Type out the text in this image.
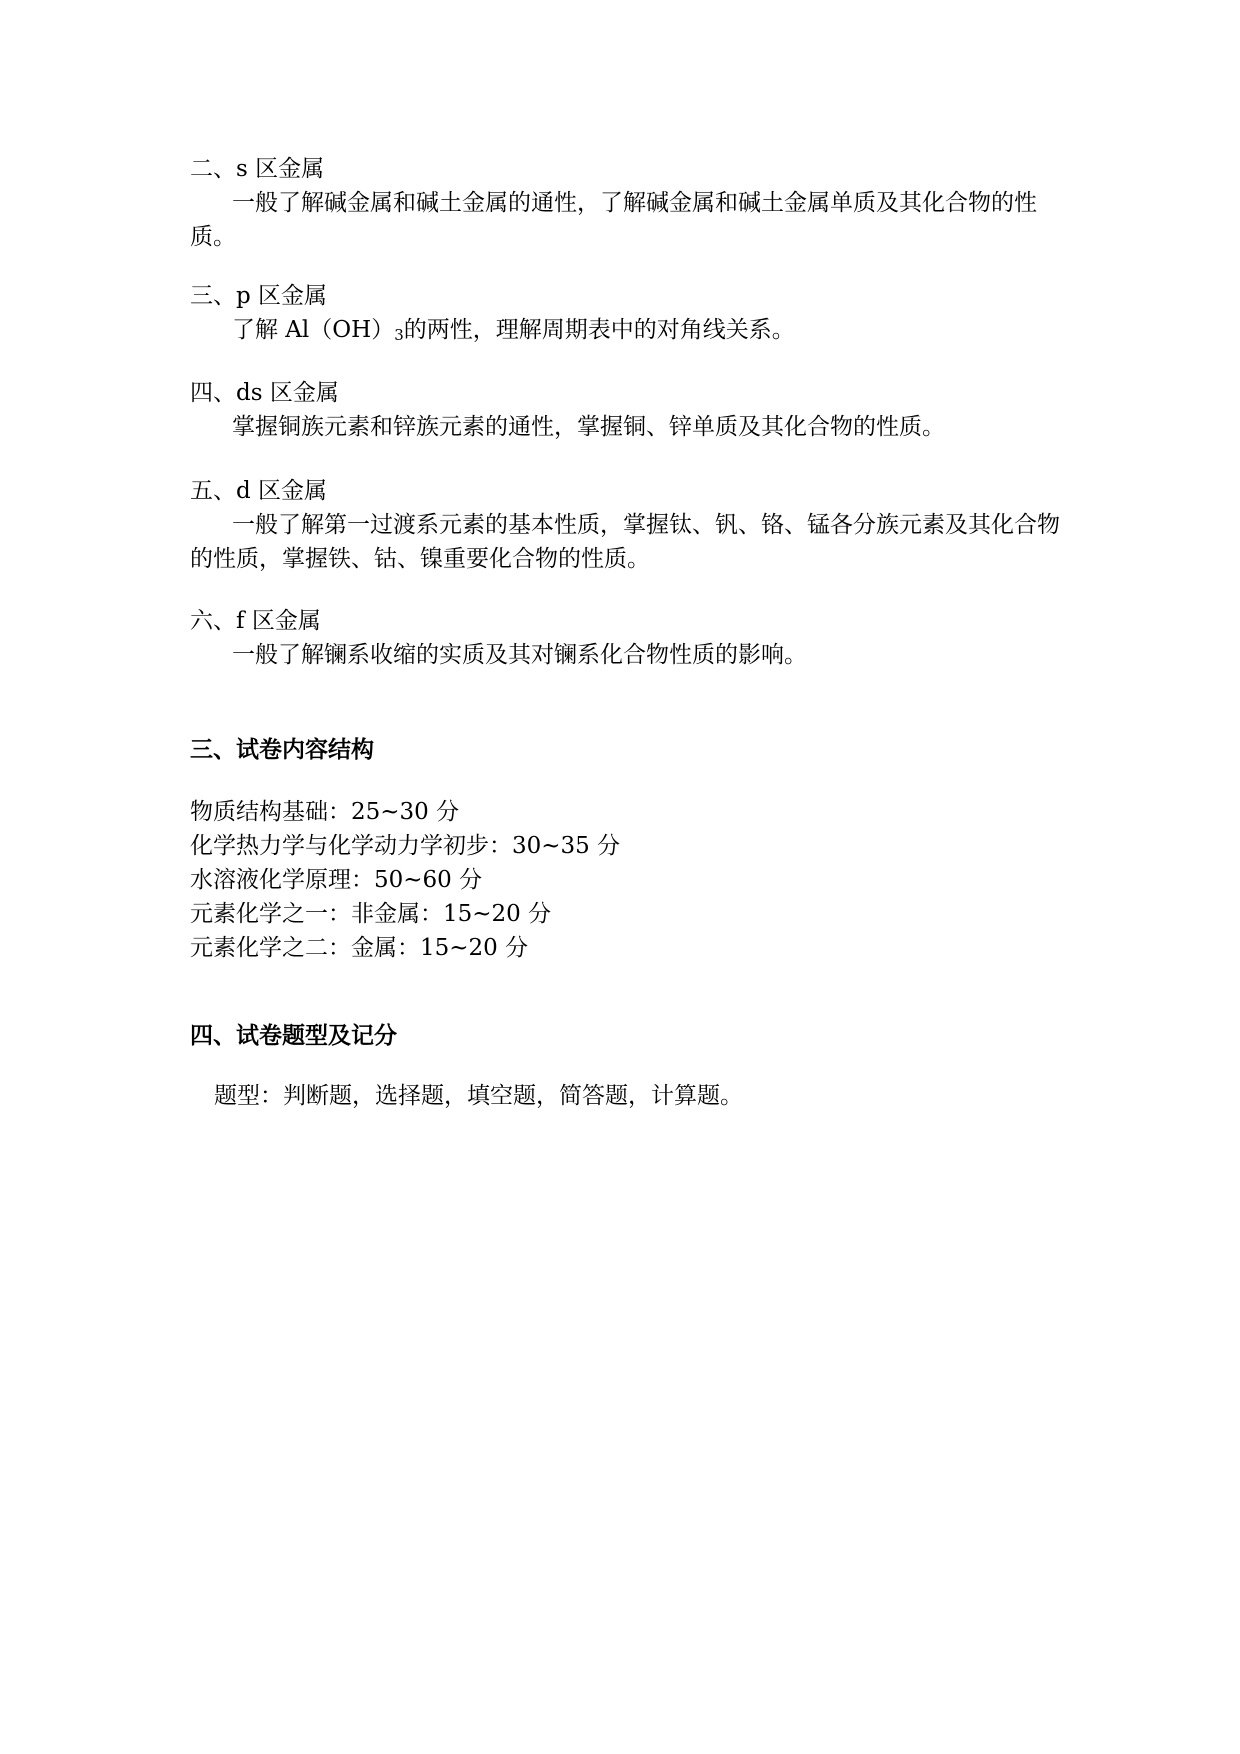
二、s 区金属
一般了解碱金属和碱土金属的通性，了解碱金属和碱土金属单质及其化合物的性质。
三、p 区金属
了解 $Al(OH)_3$的两性，理解周期表中的对角线关系。
四、ds 区金属
掌握铜族元素和锌族元素的通性，掌握铜、锌单质及其化合物的性质。
五、d 区金属
一般了解第一过渡系元素的基本性质，掌握钛、钒、铬、锰各分族元素及其化合物的性质，掌握铁、钴、镍重要化合物的性质。
六、f 区金属
一般了解镧系收缩的实质及其对镧系化合物性质的影响。
三、试卷内容结构
物质结构基础：25~30 分
化学热力学与化学动力学初步：30~35 分
水溶液化学原理：50~60 分
元素化学之一：非金属：15~20 分
元素化学之二：金属：15~20 分
四、试卷题型及记分
题型：判断题，选择题，填空题，简答题，计算题。
